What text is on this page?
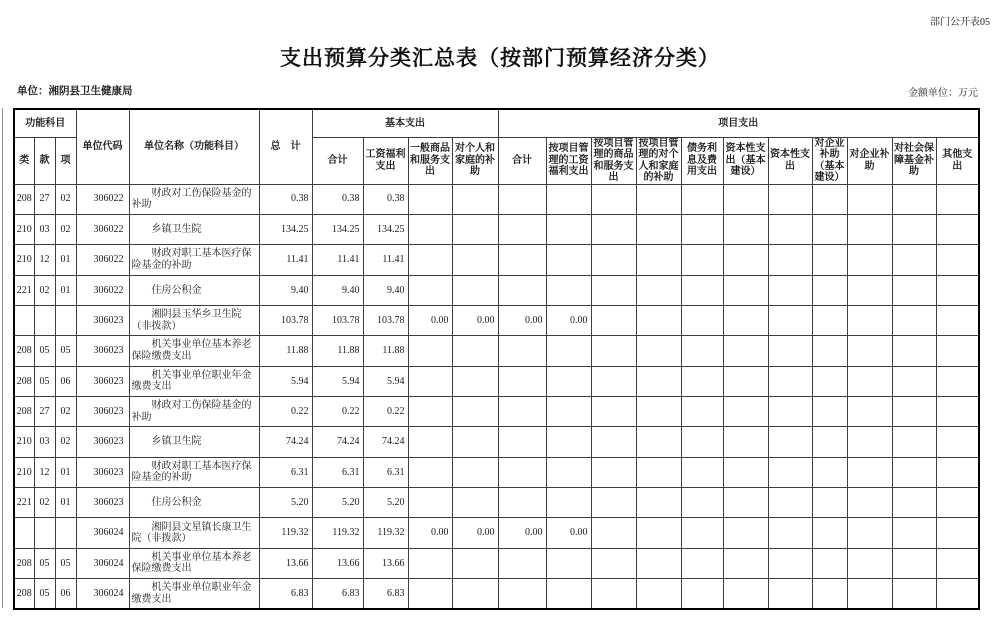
部门公开表05
支出预算分类汇总表（按部门预算经济分类）
单位：湘阴县卫生健康局	金额单位：万元
功能科目			单位代码	单位名称（功能科目）	总　计	基本支出				项目支出										
类	款	项				合计	工资福利支出	一般商品和服务支出	对个人和家庭的补助	合计	按项目管理的工资福利支出	按项目管理的商品和服务支出	按项目管理的对个人和家庭的补助	债务利息及费用支出	资本性支出（基本建设）	资本性支出	对企业补助（基本建设）	对企业补助	对社会保障基金补助	其他支出
208	27	02	306022	财政对工伤保险基金的补助	0.38	0.38	0.38													
210	03	02	306022	乡镇卫生院	134.25	134.25	134.25													
210	12	01	306022	财政对职工基本医疗保险基金的补助	11.41	11.41	11.41													
221	02	01	306022	住房公积金	9.40	9.40	9.40													
			306023	湘阴县玉华乡卫生院（非拨款）	103.78	103.78	103.78	0.00	0.00	0.00	0.00									
208	05	05	306023	机关事业单位基本养老保险缴费支出	11.88	11.88	11.88													
208	05	06	306023	机关事业单位职业年金缴费支出	5.94	5.94	5.94													
208	27	02	306023	财政对工伤保险基金的补助	0.22	0.22	0.22													
210	03	02	306023	乡镇卫生院	74.24	74.24	74.24													
210	12	01	306023	财政对职工基本医疗保险基金的补助	6.31	6.31	6.31													
221	02	01	306023	住房公积金	5.20	5.20	5.20													
			306024	湘阴县文星镇长康卫生院（非拨款）	119.32	119.32	119.32	0.00	0.00	0.00	0.00									
208	05	05	306024	机关事业单位基本养老保险缴费支出	13.66	13.66	13.66													
208	05	06	306024	机关事业单位职业年金缴费支出	6.83	6.83	6.83													
